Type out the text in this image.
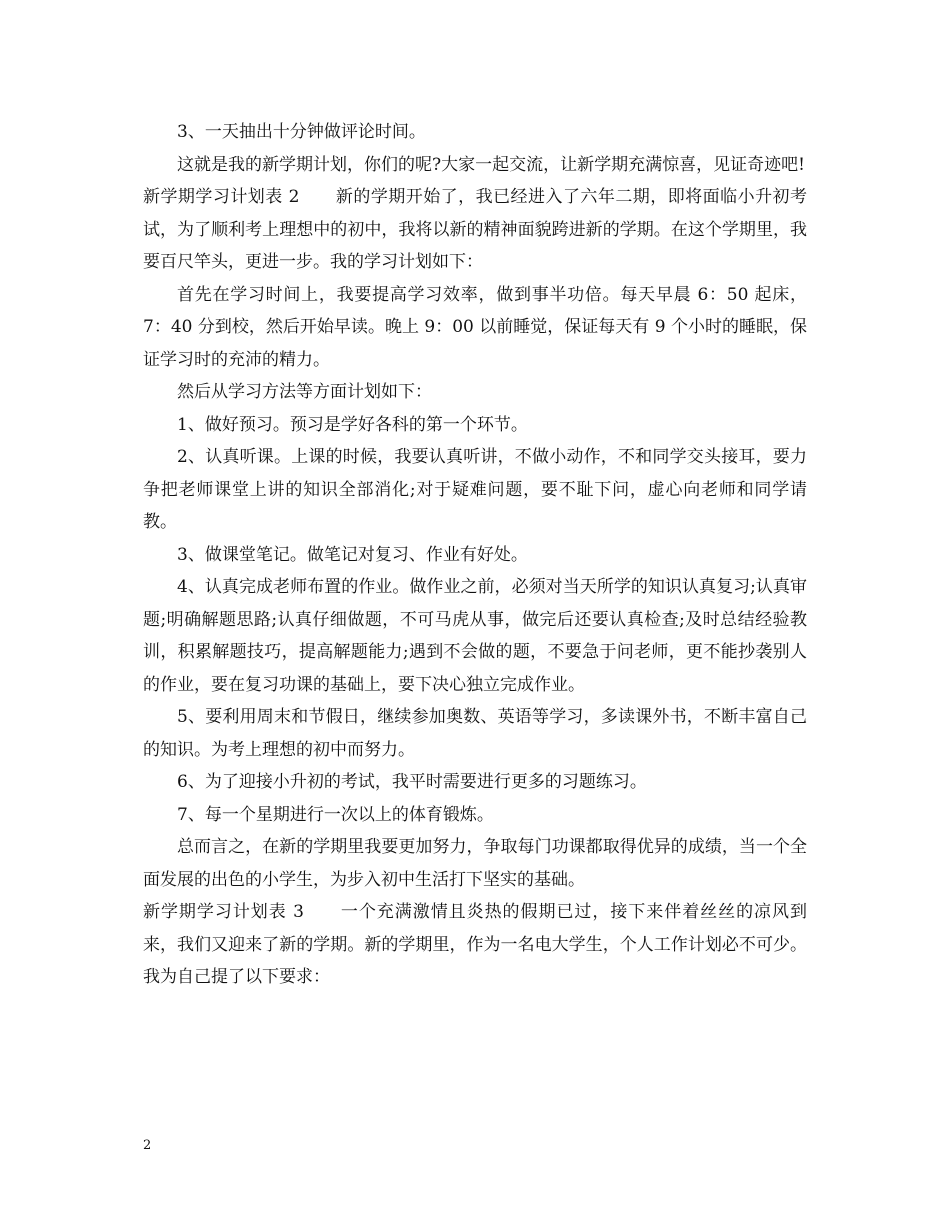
3、一天抽出十分钟做评论时间。

这就是我的新学期计划，你们的呢?大家一起交流，让新学期充满惊喜，见证奇迹吧!

新学期学习计划表 2 新的学期开始了，我已经进入了六年二期，即将面临小升初考试，为了顺利考上理想中的初中，我将以新的精神面貌跨进新的学期。在这个学期里，我要百尺竿头，更进一步。我的学习计划如下：

首先在学习时间上，我要提高学习效率，做到事半功倍。每天早晨 6：50 起床，7：40 分到校，然后开始早读。晚上 9：00 以前睡觉，保证每天有 9 个小时的睡眠，保证学习时的充沛的精力。

然后从学习方法等方面计划如下：

1、做好预习。预习是学好各科的第一个环节。

2、认真听课。上课的时候，我要认真听讲，不做小动作，不和同学交头接耳，要力争把老师课堂上讲的知识全部消化;对于疑难问题，要不耻下问，虚心向老师和同学请教。

3、做课堂笔记。做笔记对复习、作业有好处。

4、认真完成老师布置的作业。做作业之前，必须对当天所学的知识认真复习;认真审题;明确解题思路;认真仔细做题，不可马虎从事，做完后还要认真检查;及时总结经验教训，积累解题技巧，提高解题能力;遇到不会做的题，不要急于问老师，更不能抄袭别人的作业，要在复习功课的基础上，要下决心独立完成作业。

5、要利用周末和节假日，继续参加奥数、英语等学习，多读课外书，不断丰富自己的知识。为考上理想的初中而努力。

6、为了迎接小升初的考试，我平时需要进行更多的习题练习。

7、每一个星期进行一次以上的体育锻炼。

总而言之，在新的学期里我要更加努力，争取每门功课都取得优异的成绩，当一个全面发展的出色的小学生，为步入初中生活打下坚实的基础。

新学期学习计划表 3 一个充满激情且炎热的假期已过，接下来伴着丝丝的凉风到来，我们又迎来了新的学期。新的学期里，作为一名电大学生，个人工作计划必不可少。 我为自己提了以下要求：

2
